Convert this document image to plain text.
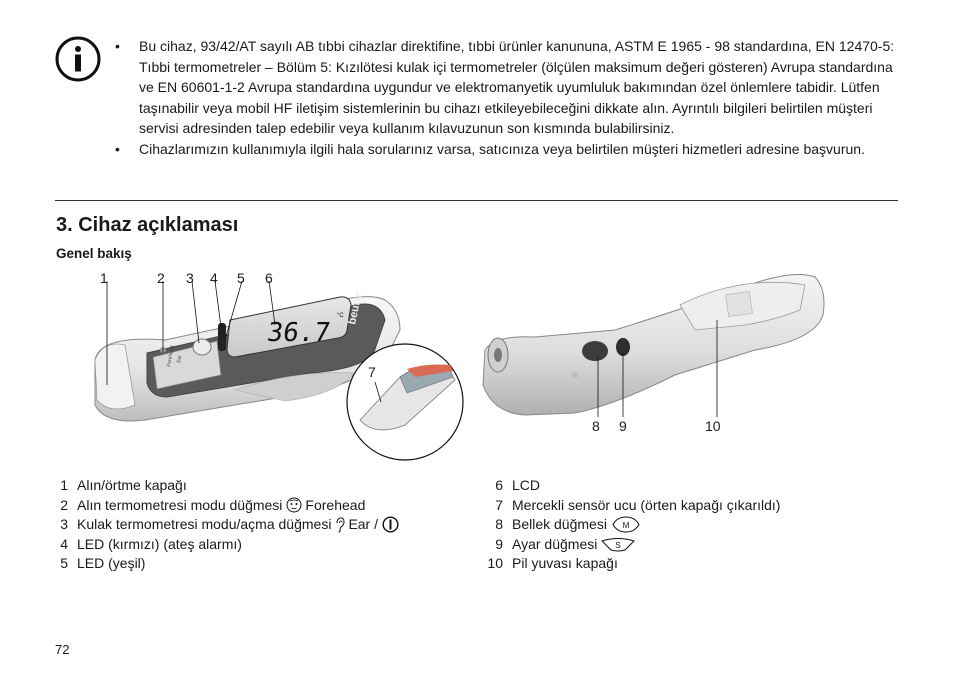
• Bu cihaz, 93/42/AT sayılı AB tıbbi cihazlar direktifine, tıbbi ürünler kanununa, ASTM E 1965 - 98 standardına, EN 12470-5: Tıbbi termometreler – Bölüm 5: Kızılötesi kulak içi termometreler (ölçülen maksimum değeri gösteren) Avrupa standardına ve EN 60601-1-2 Avrupa standardına uygundur ve elektromanyetik uyumluluk bakımından özel önlemlere tabidir. Lütfen taşınabilir veya mobil HF iletişim sistemlerinin bu cihazı etkileyebileceğini dikkate alın. Ayrıntılı bilgileri belirtilen müşteri servisi adresinden talep edebilir veya kullanım kılavuzunun son kısmında bulabilirsiniz.
• Cihazlarımızın kullanımıyla ilgili hala sorularınız varsa, satıcınıza veya belirtilen müşteri hizmetleri adresine başvurun.
3. Cihaz açıklaması
Genel bakış
Forehead Ear
36.7
°C beurer
1	2 3 4 5 6
7
8 9	10
1 Alın/örtme kapağı
2 Alın termometresi modu düğmesi Forehead
3 Kulak termometresi modu/açma düğmesi Ear /
4 LED (kırmızı) (ateş alarmı)
5 LED (yeşil)
6 LCD
7 Mercekli sensör ucu (örten kapağı çıkarıldı)
8 Bellek düğmesi M
9 Ayar düğmesi S
10 Pil yuvası kapağı
72
